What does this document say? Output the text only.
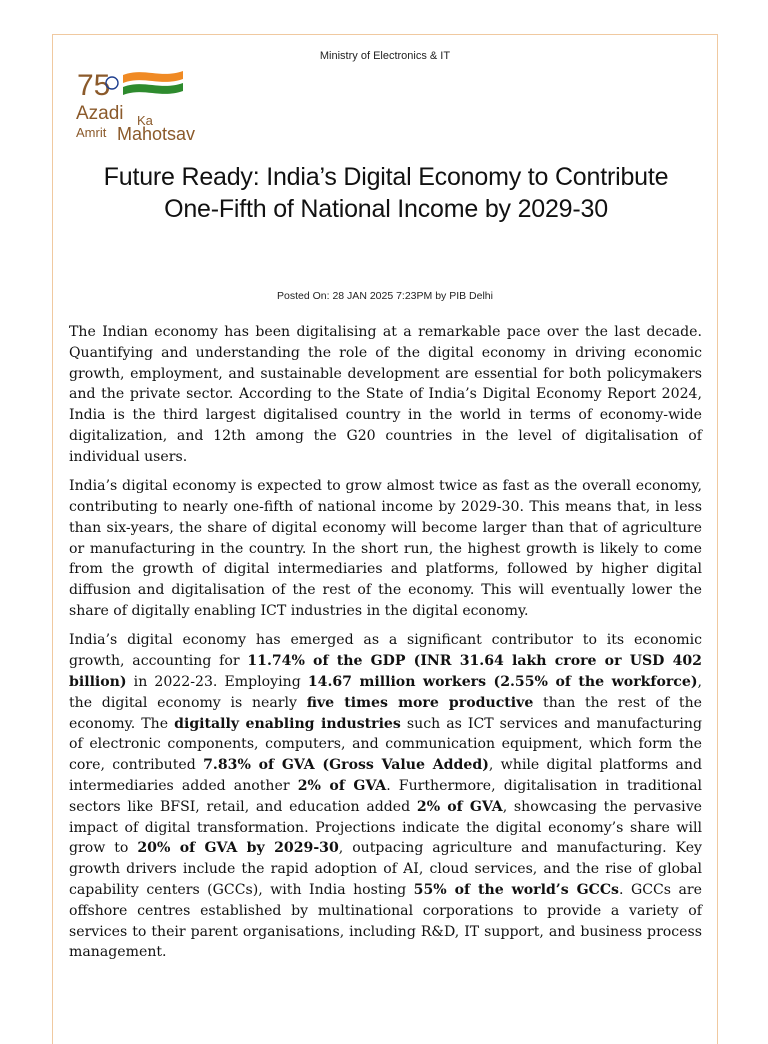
Ministry of Electronics & IT
75
Azadi Ka
Amrit Mahotsav
Future Ready: India’s Digital Economy to Contribute One-Fifth of National Income by 2029-30
Posted On: 28 JAN 2025 7:23PM by PIB Delhi

The Indian economy has been digitalising at a remarkable pace over the last decade. Quantifying and understanding the role of the digital economy in driving economic growth, employment, and sustainable development are essential for both policymakers and the private sector. According to the State of India’s Digital Economy Report 2024, India is the third largest digitalised country in the world in terms of economy-wide digitalization, and 12th among the G20 countries in the level of digitalisation of individual users.

India’s digital economy is expected to grow almost twice as fast as the overall economy, contributing to nearly one-fifth of national income by 2029-30. This means that, in less than six-years, the share of digital economy will become larger than that of agriculture or manufacturing in the country. In the short run, the highest growth is likely to come from the growth of digital intermediaries and platforms, followed by higher digital diffusion and digitalisation of the rest of the economy. This will eventually lower the share of digitally enabling ICT industries in the digital economy.

India’s digital economy has emerged as a significant contributor to its economic growth, accounting for 11.74% of the GDP (INR 31.64 lakh crore or USD 402 billion) in 2022-23. Employing 14.67 million workers (2.55% of the workforce), the digital economy is nearly five times more productive than the rest of the economy. The digitally enabling industries such as ICT services and manufacturing of electronic components, computers, and communication equipment, which form the core, contributed 7.83% of GVA (Gross Value Added), while digital platforms and intermediaries added another 2% of GVA. Furthermore, digitalisation in traditional sectors like BFSI, retail, and education added 2% of GVA, showcasing the pervasive impact of digital transformation. Projections indicate the digital economy’s share will grow to 20% of GVA by 2029-30, outpacing agriculture and manufacturing. Key growth drivers include the rapid adoption of AI, cloud services, and the rise of global capability centers (GCCs), with India hosting 55% of the world’s GCCs. GCCs are offshore centres established by multinational corporations to provide a variety of services to their parent organisations, including R&D, IT support, and business process management.
